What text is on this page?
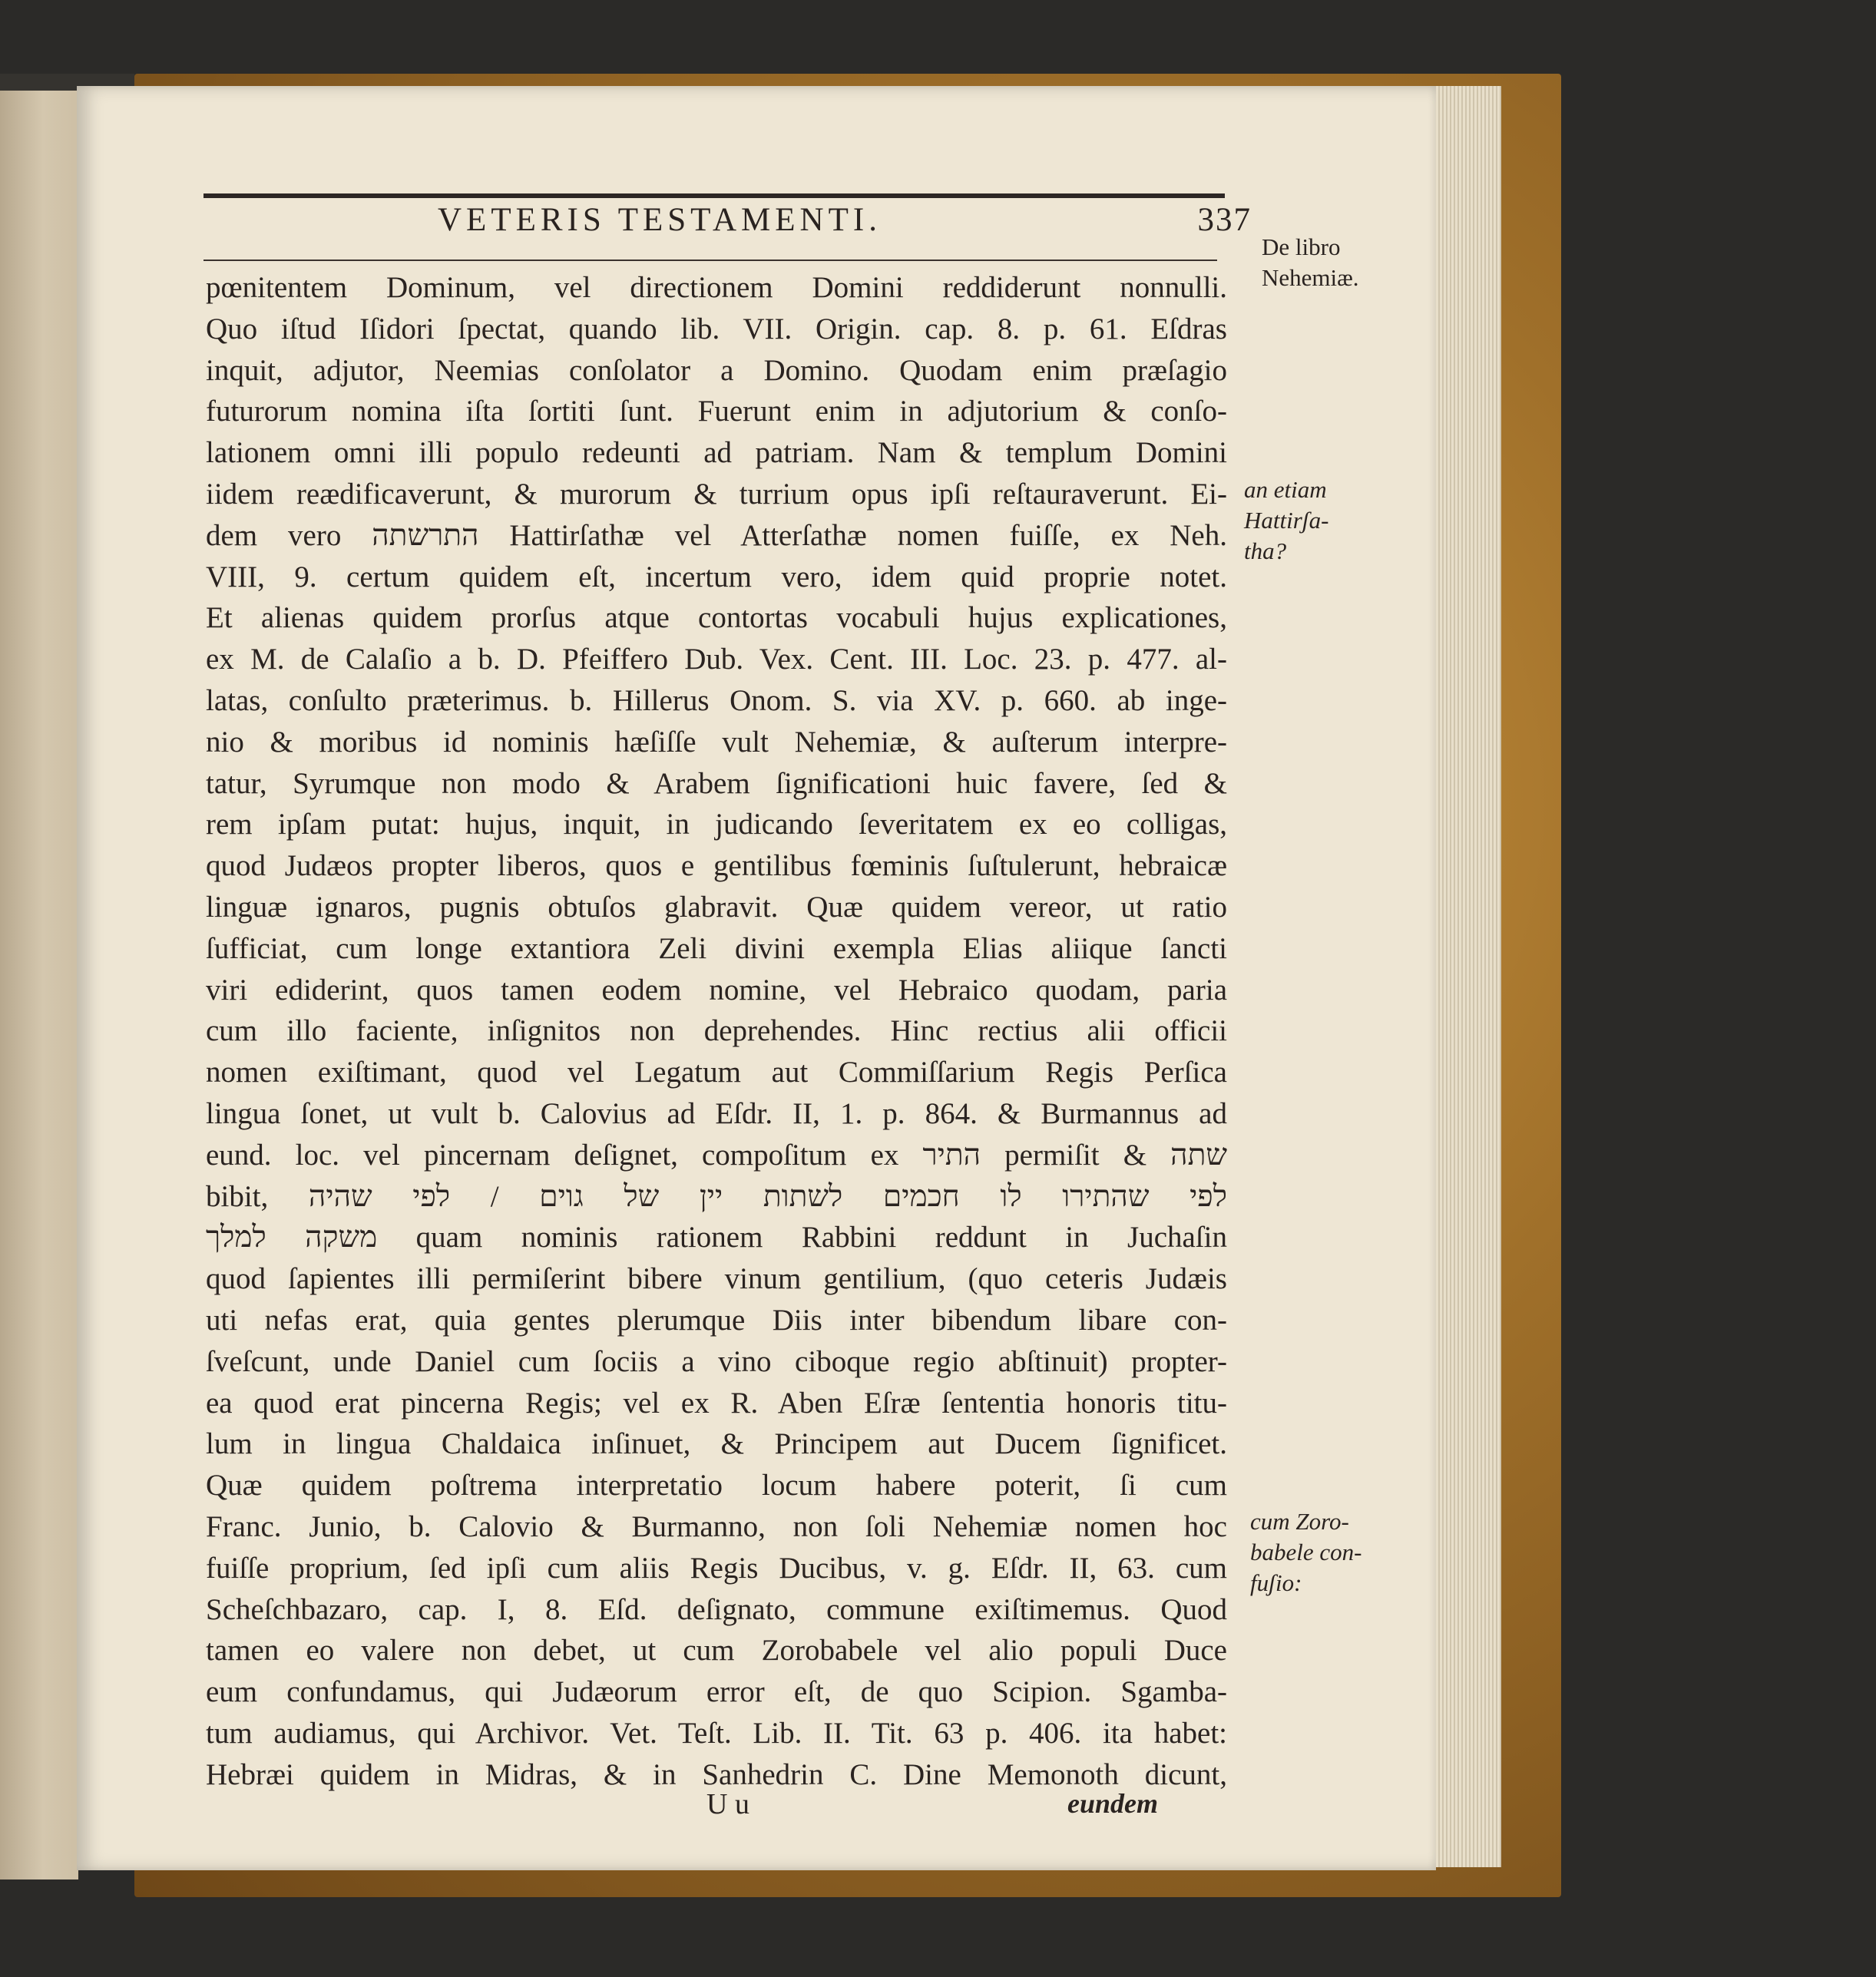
VETERIS TESTAMENTI.	337
De libro
Nehemiæ.
an etiam
Hattirʃa-
tha?
cum Zoro-
babele con-
fuʃio:
pœnitentem Dominum, vel directionem Domini reddiderunt nonnulli.
Quo iſtud Iſidori ſpectat, quando lib. VII. Origin. cap. 8. p. 61. Eſdras
inquit, adjutor, Neemias conſolator a Domino. Quodam enim præſagio
futurorum nomina iſta ſortiti ſunt. Fuerunt enim in adjutorium & conſo-
lationem omni illi populo redeunti ad patriam. Nam & templum Domini
iidem reædificaverunt, & murorum & turrium opus ipſi reſtauraverunt. Ei-
dem vero התרשתה Hattirſathæ vel Atterſathæ nomen fuiſſe, ex Neh.
VIII, 9. certum quidem eſt, incertum vero, idem quid proprie notet.
Et alienas quidem prorſus atque contortas vocabuli hujus explicationes,
ex M. de Calaſio a b. D. Pfeiffero Dub. Vex. Cent. III. Loc. 23. p. 477. al-
latas, conſulto præterimus. b. Hillerus Onom. S. via XV. p. 660. ab inge-
nio & moribus id nominis hæſiſſe vult Nehemiæ, & auſterum interpre-
tatur, Syrumque non modo & Arabem ſignificationi huic favere, ſed &
rem ipſam putat: hujus, inquit, in judicando ſeveritatem ex eo colligas,
quod Judæos propter liberos, quos e gentilibus fœminis ſuſtulerunt, hebraicæ
linguæ ignaros, pugnis obtuſos glabravit. Quæ quidem vereor, ut ratio
ſufficiat, cum longe extantiora Zeli divini exempla Elias aliique ſancti
viri ediderint, quos tamen eodem nomine, vel Hebraico quodam, paria
cum illo faciente, inſignitos non deprehendes. Hinc rectius alii officii
nomen exiſtimant, quod vel Legatum aut Commiſſarium Regis Perſica
lingua ſonet, ut vult b. Calovius ad Eſdr. II, 1. p. 864. & Burmannus ad
eund. loc. vel pincernam deſignet, compoſitum ex התיר permiſit & שתה
bibit, לפי שהתירו לו חכמים לשתות יין של גוים / לפי שהיה
משקה למלך quam nominis rationem Rabbini reddunt in Juchaſin
quod ſapientes illi permiſerint bibere vinum gentilium, (quo ceteris Judæis
uti nefas erat, quia gentes plerumque Diis inter bibendum libare con-
ſveſcunt, unde Daniel cum ſociis a vino ciboque regio abſtinuit) propter-
ea quod erat pincerna Regis; vel ex R. Aben Eſræ ſententia honoris titu-
lum in lingua Chaldaica inſinuet, & Principem aut Ducem ſignificet.
Quæ quidem poſtrema interpretatio locum habere poterit, ſi cum
Franc. Junio, b. Calovio & Burmanno, non ſoli Nehemiæ nomen hoc
fuiſſe proprium, ſed ipſi cum aliis Regis Ducibus, v. g. Eſdr. II, 63. cum
Scheſchbazaro, cap. I, 8. Eſd. deſignato, commune exiſtimemus. Quod
tamen eo valere non debet, ut cum Zorobabele vel alio populi Duce
eum confundamus, qui Judæorum error eſt, de quo Scipion. Sgamba-
tum audiamus, qui Archivor. Vet. Teſt. Lib. II. Tit. 63 p. 406. ita habet:
Hebræi quidem in Midras, & in Sanhedrin C. Dine Memonoth dicunt,
U u	eundem
